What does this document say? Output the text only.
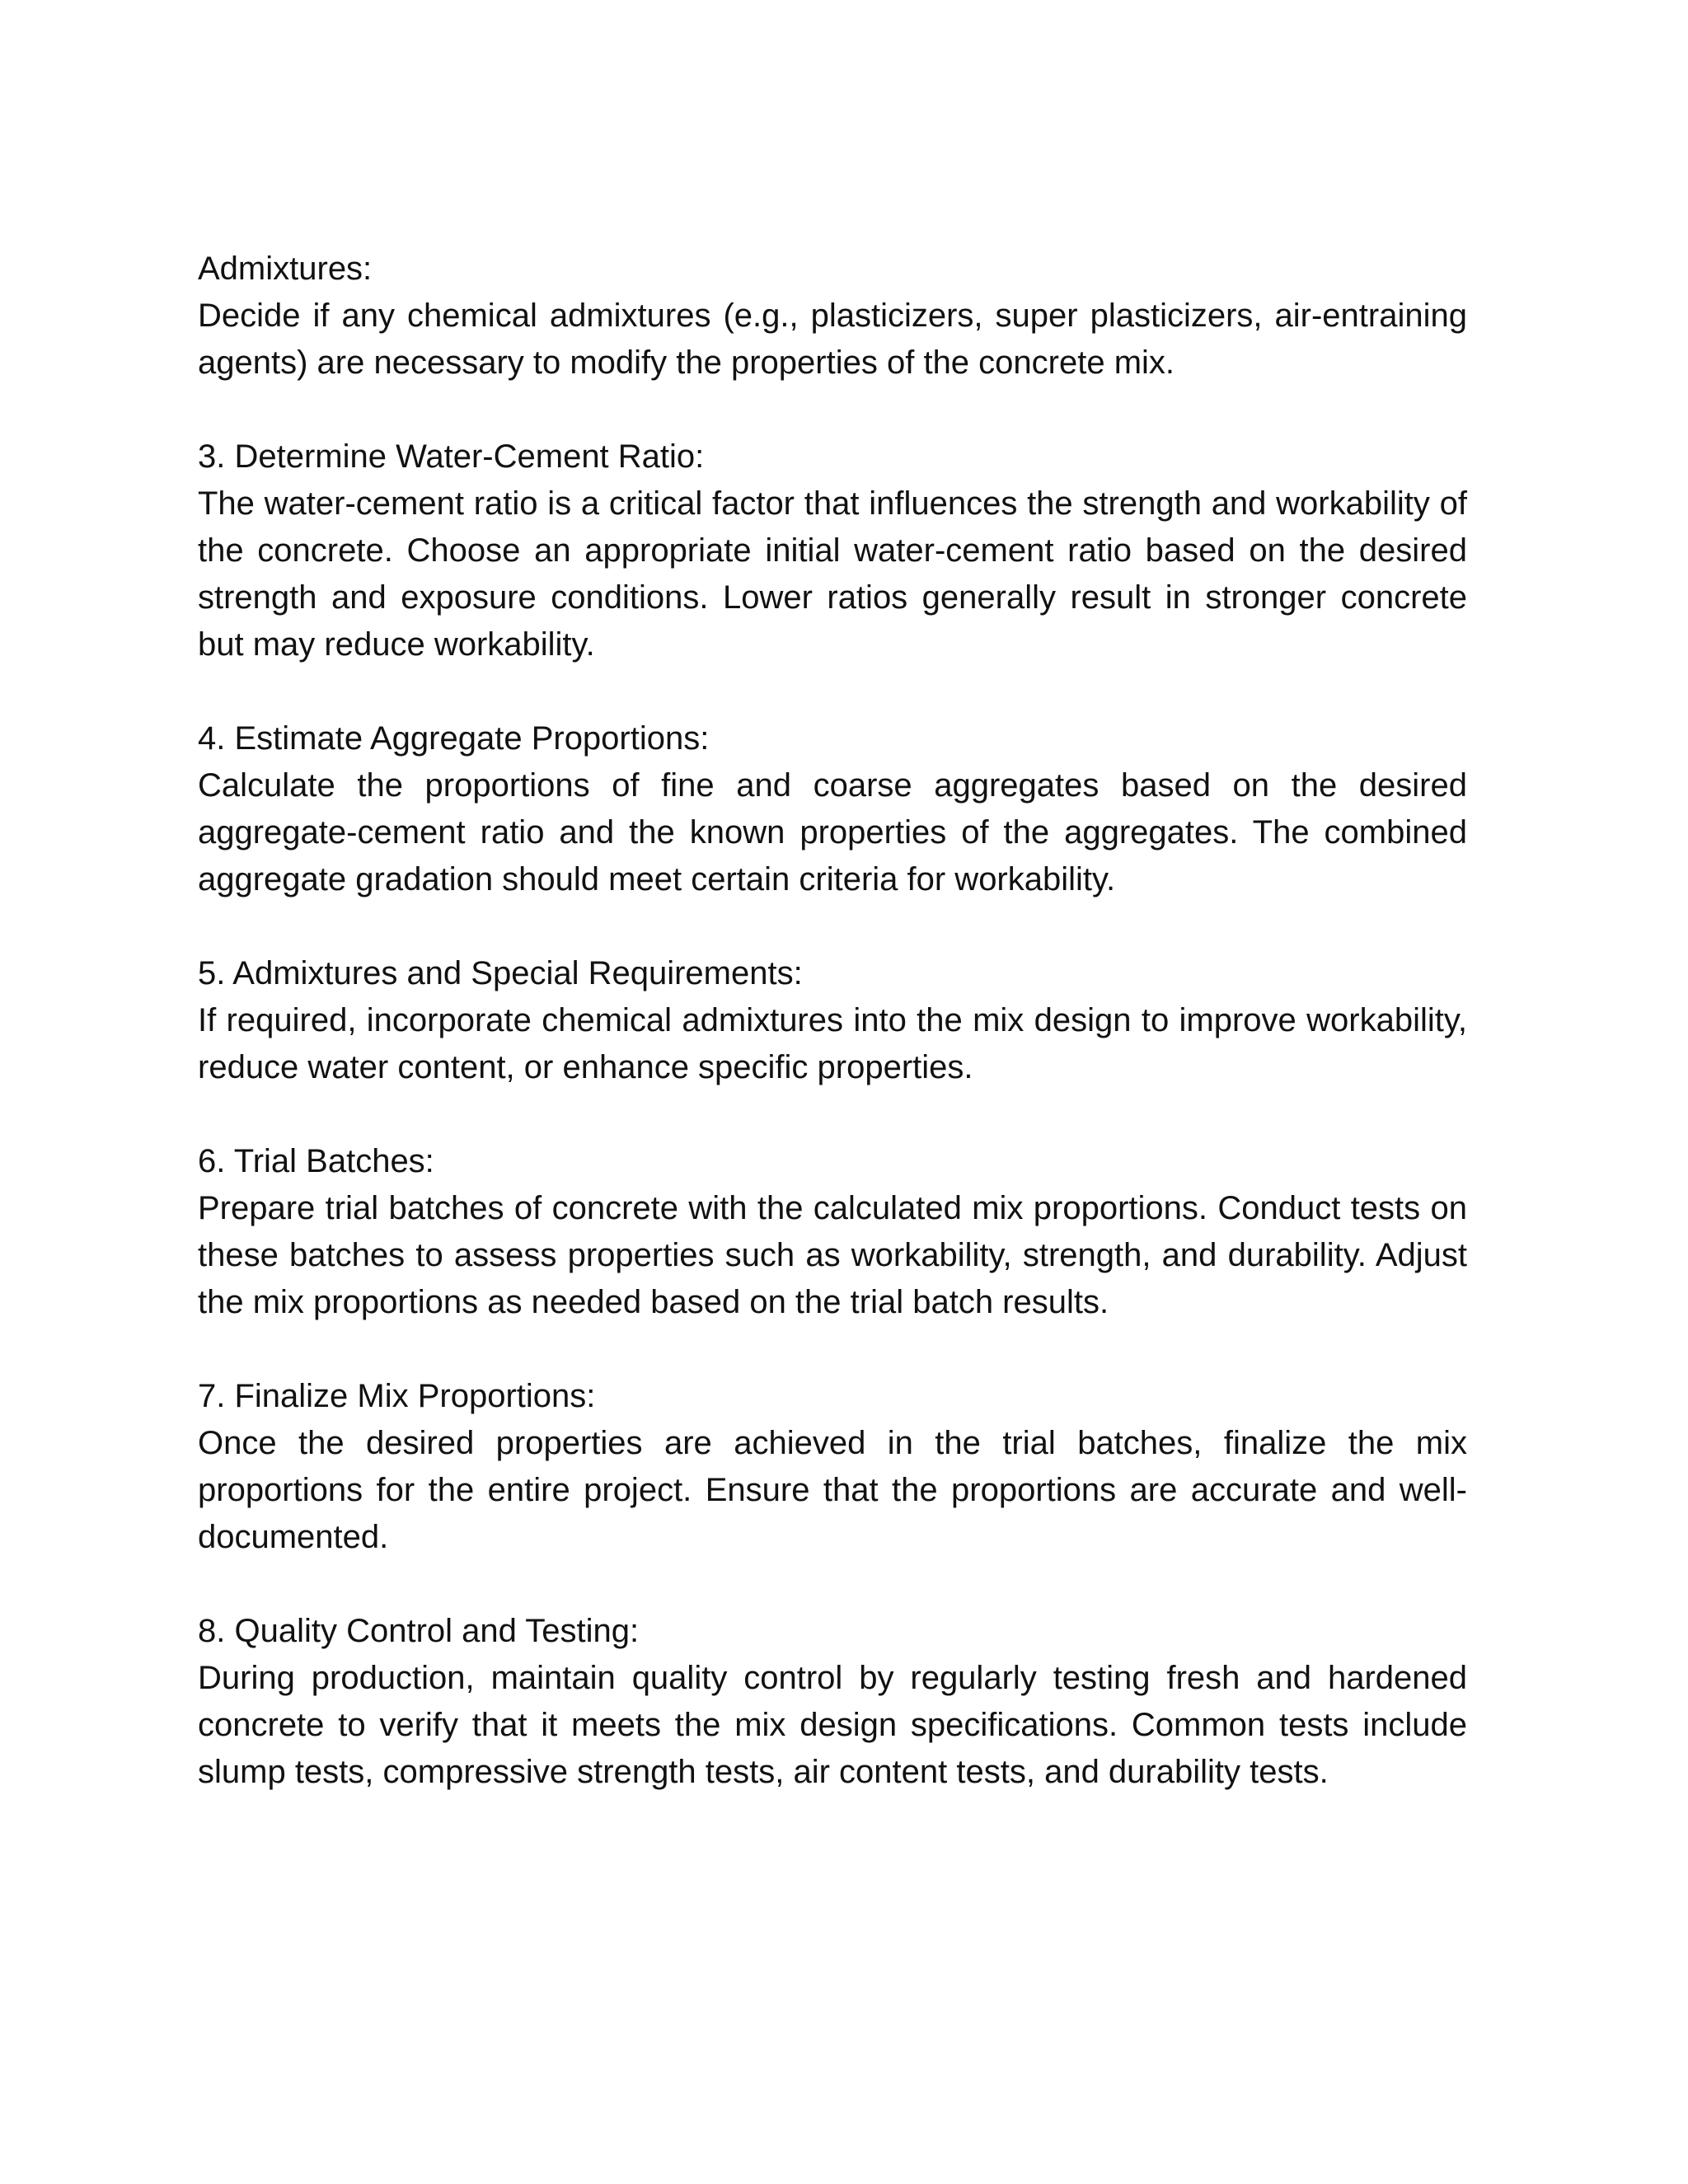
Admixtures:
Decide if any chemical admixtures (e.g., plasticizers, super plasticizers, air-entraining agents) are necessary to modify the properties of the concrete mix.
3. Determine Water-Cement Ratio:
The water-cement ratio is a critical factor that influences the strength and workability of the concrete. Choose an appropriate initial water-cement ratio based on the desired strength and exposure conditions. Lower ratios generally result in stronger concrete but may reduce workability.
4. Estimate Aggregate Proportions:
Calculate the proportions of fine and coarse aggregates based on the desired aggregate-cement ratio and the known properties of the aggregates. The combined aggregate gradation should meet certain criteria for workability.
5. Admixtures and Special Requirements:
If required, incorporate chemical admixtures into the mix design to improve workability, reduce water content, or enhance specific properties.
6. Trial Batches:
Prepare trial batches of concrete with the calculated mix proportions. Conduct tests on these batches to assess properties such as workability, strength, and durability. Adjust the mix proportions as needed based on the trial batch results.
7. Finalize Mix Proportions:
Once the desired properties are achieved in the trial batches, finalize the mix proportions for the entire project. Ensure that the proportions are accurate and well-documented.
8. Quality Control and Testing:
During production, maintain quality control by regularly testing fresh and hardened concrete to verify that it meets the mix design specifications. Common tests include slump tests, compressive strength tests, air content tests, and durability tests.
